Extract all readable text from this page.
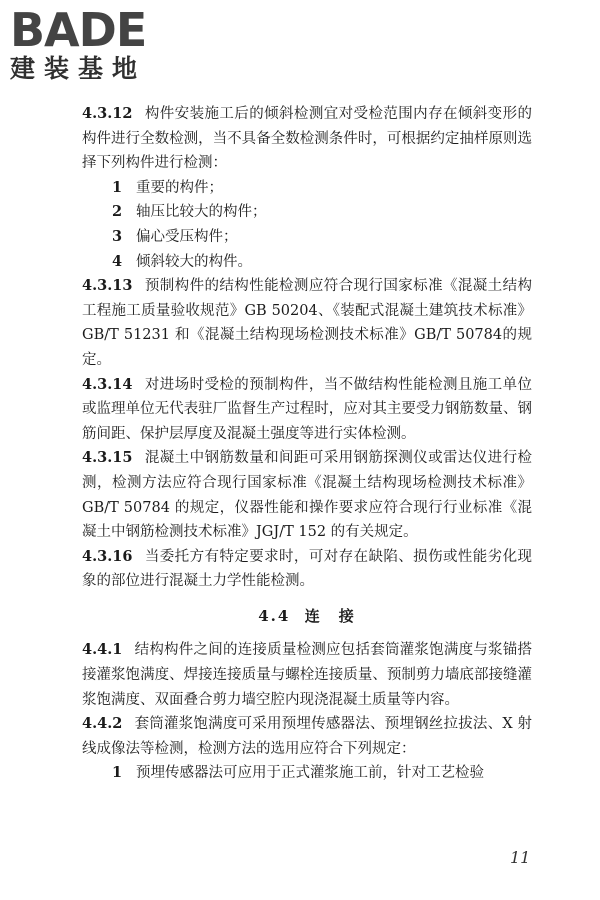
BADE
建装基地

4.3.12 构件安装施工后的倾斜检测宜对受检范围内存在倾斜变形的构件进行全数检测，当不具备全数检测条件时，可根据约定抽样原则选择下列构件进行检测：

1 重要的构件；

2 轴压比较大的构件；

3 偏心受压构件；

4 倾斜较大的构件。

4.3.13 预制构件的结构性能检测应符合现行国家标准《混凝土结构工程施工质量验收规范》GB 50204、《装配式混凝土建筑技术标准》GB/T 51231 和《混凝土结构现场检测技术标准》GB/T 50784的规定。

4.3.14 对进场时受检的预制构件，当不做结构性能检测且施工单位或监理单位无代表驻厂监督生产过程时，应对其主要受力钢筋数量、钢筋间距、保护层厚度及混凝土强度等进行实体检测。

4.3.15 混凝土中钢筋数量和间距可采用钢筋探测仪或雷达仪进行检测，检测方法应符合现行国家标准《混凝土结构现场检测技术标准》GB/T 50784 的规定，仪器性能和操作要求应符合现行行业标准《混凝土中钢筋检测技术标准》JGJ/T 152 的有关规定。

4.3.16 当委托方有特定要求时，可对存在缺陷、损伤或性能劣化现象的部位进行混凝土力学性能检测。

4.4 连　接

4.4.1 结构构件之间的连接质量检测应包括套筒灌浆饱满度与浆锚搭接灌浆饱满度、焊接连接质量与螺栓连接质量、预制剪力墙底部接缝灌浆饱满度、双面叠合剪力墙空腔内现浇混凝土质量等内容。

4.4.2 套筒灌浆饱满度可采用预埋传感器法、预埋钢丝拉拔法、X 射线成像法等检测，检测方法的选用应符合下列规定：

1 预埋传感器法可应用于正式灌浆施工前，针对工艺检验

11
